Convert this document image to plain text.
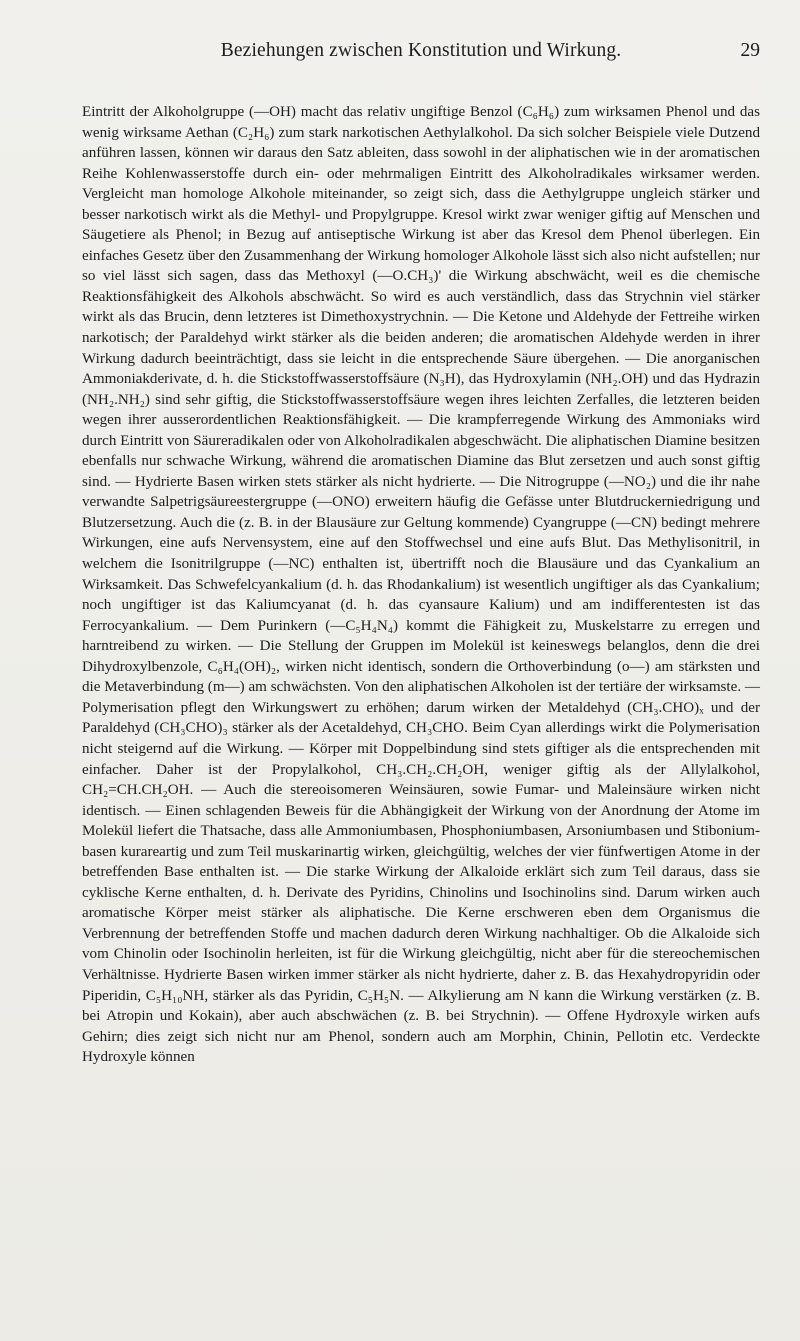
Beziehungen zwischen Konstitution und Wirkung.	29

Eintritt der Alkoholgruppe (—OH) macht das relativ ungiftige Benzol (C₆H₆) zum wirksamen Phenol und das wenig wirksame Aethan (C₂H₆) zum stark narkotischen Aethylalkohol. Da sich solcher Beispiele viele Dutzend anführen lassen, können wir daraus den Satz ableiten, dass sowohl in der aliphatischen wie in der aromatischen Reihe Kohlenwasserstoffe durch ein- oder mehrmaligen Eintritt des Alkoholradikales wirksamer werden. Vergleicht man homologe Alkohole miteinander, so zeigt sich, dass die Aethylgruppe ungleich stärker und besser narkotisch wirkt als die Methyl- und Propylgruppe. Kresol wirkt zwar weniger giftig auf Menschen und Säugetiere als Phenol; in Bezug auf antiseptische Wirkung ist aber das Kresol dem Phenol überlegen. Ein einfaches Gesetz über den Zusammenhang der Wirkung homologer Alkohole lässt sich also nicht aufstellen; nur so viel lässt sich sagen, dass das Methoxyl (—O.CH₃)' die Wirkung abschwächt, weil es die chemische Reaktionsfähigkeit des Alkohols abschwächt. So wird es auch verständlich, dass das Strychnin viel stärker wirkt als das Brucin, denn letzteres ist Dimethoxystrychnin. — Die Ketone und Aldehyde der Fettreihe wirken narkotisch; der Paraldehyd wirkt stärker als die beiden anderen; die aromatischen Aldehyde werden in ihrer Wirkung dadurch beeinträchtigt, dass sie leicht in die entsprechende Säure übergehen. — Die anorganischen Ammoniakderivate, d. h. die Stickstoffwasserstoffsäure (N₃H), das Hydroxylamin (NH₂.OH) und das Hydrazin (NH₂.NH₂) sind sehr giftig, die Stickstoffwasserstoffsäure wegen ihres leichten Zerfalles, die letzteren beiden wegen ihrer ausserordentlichen Reaktionsfähigkeit. — Die krampferregende Wirkung des Ammoniaks wird durch Eintritt von Säureradikalen oder von Alkoholradikalen abgeschwächt. Die aliphatischen Diamine besitzen ebenfalls nur schwache Wirkung, während die aromatischen Diamine das Blut zersetzen und auch sonst giftig sind. — Hydrierte Basen wirken stets stärker als nicht hydrierte. — Die Nitrogruppe (—NO₂) und die ihr nahe verwandte Salpetrigsäureestergruppe (—ONO) erweitern häufig die Gefässe unter Blutdruckerniedrigung und Blutzersetzung. Auch die (z. B. in der Blausäure zur Geltung kommende) Cyangruppe (—CN) bedingt mehrere Wirkungen, eine aufs Nervensystem, eine auf den Stoffwechsel und eine aufs Blut. Das Methylisonitril, in welchem die Isonitrilgruppe (—NC) enthalten ist, übertrifft noch die Blausäure und das Cyankalium an Wirksamkeit. Das Schwefelcyankalium (d. h. das Rhodankalium) ist wesentlich ungiftiger als das Cyankalium; noch ungiftiger ist das Kaliumcyanat (d. h. das cyansaure Kalium) und am indifferentesten ist das Ferrocyankalium. — Dem Purinkern (—C₅H₄N₄) kommt die Fähigkeit zu, Muskelstarre zu erregen und harntreibend zu wirken. — Die Stellung der Gruppen im Molekül ist keineswegs belanglos, denn die drei Dihydroxylbenzole, C₆H₄(OH)₂, wirken nicht identisch, sondern die Orthoverbindung (o—) am stärksten und die Metaverbindung (m—) am schwächsten. Von den aliphatischen Alkoholen ist der tertiäre der wirksamste. — Polymerisation pflegt den Wirkungswert zu erhöhen; darum wirken der Metaldehyd (CH₃.CHO)ₓ und der Paraldehyd (CH₃CHO)₃ stärker als der Acetaldehyd, CH₃CHO. Beim Cyan allerdings wirkt die Polymerisation nicht steigernd auf die Wirkung. — Körper mit Doppelbindung sind stets giftiger als die entsprechenden mit einfacher. Daher ist der Propylalkohol, CH₃.CH₂.CH₂OH, weniger giftig als der Allylalkohol, CH₂=CH.CH₂OH. — Auch die stereoisomeren Weinsäuren, sowie Fumar- und Maleinsäure wirken nicht identisch. — Einen schlagenden Beweis für die Abhängigkeit der Wirkung von der Anordnung der Atome im Molekül liefert die Thatsache, dass alle Ammoniumbasen, Phosphoniumbasen, Arsoniumbasen und Stiboniumbasen kurareartig und zum Teil muskarinartig wirken, gleichgültig, welches der vier fünfwertigen Atome in der betreffenden Base enthalten ist. — Die starke Wirkung der Alkaloide erklärt sich zum Teil daraus, dass sie cyklische Kerne enthalten, d. h. Derivate des Pyridins, Chinolins und Isochinolins sind. Darum wirken auch aromatische Körper meist stärker als aliphatische. Die Kerne erschweren eben dem Organismus die Verbrennung der betreffenden Stoffe und machen dadurch deren Wirkung nachhaltiger. Ob die Alkaloide sich vom Chinolin oder Isochinolin herleiten, ist für die Wirkung gleichgültig, nicht aber für die stereochemischen Verhältnisse. Hydrierte Basen wirken immer stärker als nicht hydrierte, daher z. B. das Hexahydropyridin oder Piperidin, C₅H₁₀NH, stärker als das Pyridin, C₅H₅N. — Alkylierung am N kann die Wirkung verstärken (z. B. bei Atropin und Kokain), aber auch abschwächen (z. B. bei Strychnin). — Offene Hydroxyle wirken aufs Gehirn; dies zeigt sich nicht nur am Phenol, sondern auch am Morphin, Chinin, Pellotin etc. Verdeckte Hydroxyle können
